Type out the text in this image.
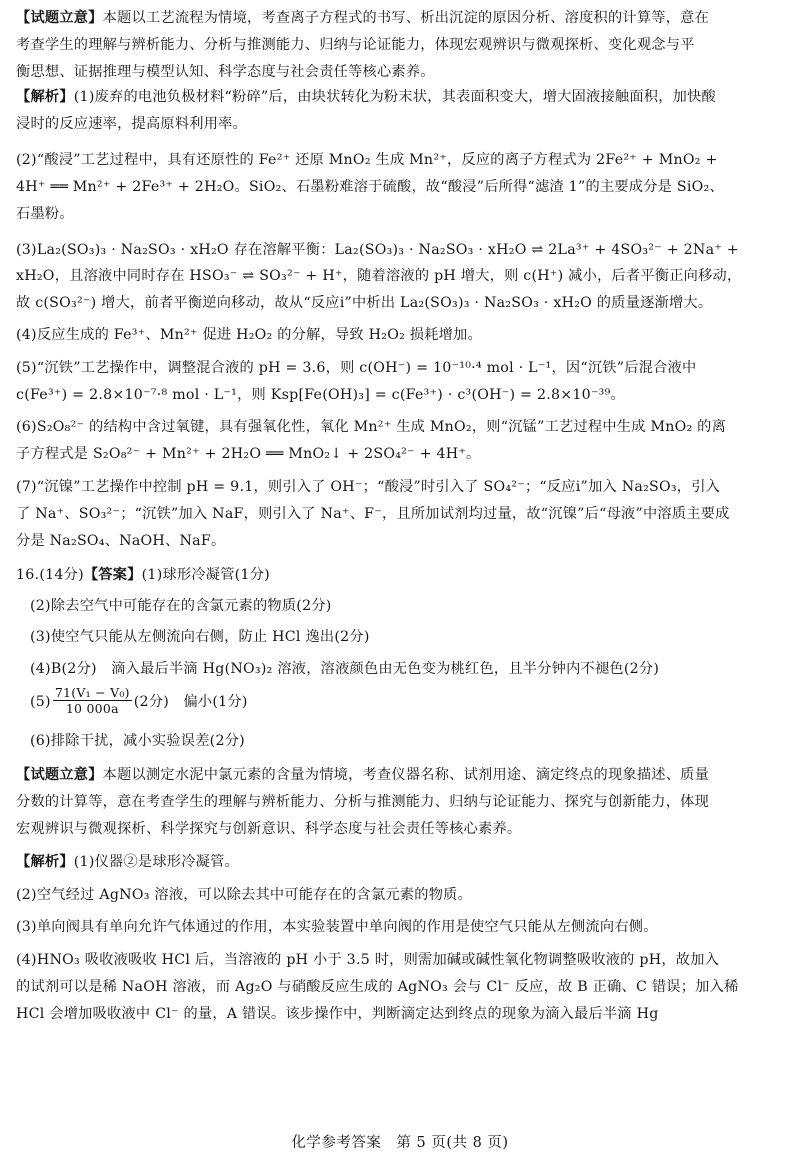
【试题立意】本题以工艺流程为情境，考查离子方程式的书写、析出沉淀的原因分析、溶度积的计算等，意在
考查学生的理解与辨析能力、分析与推测能力、归纳与论证能力，体现宏观辨识与微观探析、变化观念与平
衡思想、证据推理与模型认知、科学态度与社会责任等核心素养。
【解析】(1)废弃的电池负极材料“粉碎”后，由块状转化为粉末状，其表面积变大，增大固液接触面积，加快酸
浸时的反应速率，提高原料利用率。
(2)“酸浸”工艺过程中，具有还原性的 Fe²⁺ 还原 MnO₂ 生成 Mn²⁺，反应的离子方程式为 2Fe²⁺ + MnO₂ +
4H⁺ ══ Mn²⁺ + 2Fe³⁺ + 2H₂O。SiO₂、石墨粉难溶于硫酸，故“酸浸”后所得“滤渣 1”的主要成分是 SiO₂、
石墨粉。
(3)La₂(SO₃)₃ · Na₂SO₃ · xH₂O 存在溶解平衡：La₂(SO₃)₃ · Na₂SO₃ · xH₂O ⇌ 2La³⁺ + 4SO₃²⁻ + 2Na⁺ +
xH₂O，且溶液中同时存在 HSO₃⁻ ⇌ SO₃²⁻ + H⁺，随着溶液的 pH 增大，则 c(H⁺) 减小，后者平衡正向移动，
故 c(SO₃²⁻) 增大，前者平衡逆向移动，故从“反应ⅰ”中析出 La₂(SO₃)₃ · Na₂SO₃ · xH₂O 的质量逐渐增大。
(4)反应生成的 Fe³⁺、Mn²⁺ 促进 H₂O₂ 的分解，导致 H₂O₂ 损耗增加。
(5)“沉铁”工艺操作中，调整混合液的 pH = 3.6，则 c(OH⁻) = 10⁻¹⁰·⁴ mol · L⁻¹，因“沉铁”后混合液中
c(Fe³⁺) = 2.8×10⁻⁷·⁸ mol · L⁻¹，则 Ksp[Fe(OH)₃] = c(Fe³⁺) · c³(OH⁻) = 2.8×10⁻³⁹。
(6)S₂O₈²⁻ 的结构中含过氧键，具有强氧化性，氧化 Mn²⁺ 生成 MnO₂，则“沉锰”工艺过程中生成 MnO₂ 的离
子方程式是 S₂O₈²⁻ + Mn²⁺ + 2H₂O ══ MnO₂↓ + 2SO₄²⁻ + 4H⁺。
(7)“沉镍”工艺操作中控制 pH = 9.1，则引入了 OH⁻；“酸浸”时引入了 SO₄²⁻；“反应ⅰ”加入 Na₂SO₃，引入
了 Na⁺、SO₃²⁻；“沉铁”加入 NaF，则引入了 Na⁺、F⁻，且所加试剂均过量，故“沉镍”后“母液”中溶质主要成
分是 Na₂SO₄、NaOH、NaF。
16.(14分)【答案】(1)球形冷凝管(1分)
(2)除去空气中可能存在的含氯元素的物质(2分)
(3)使空气只能从左侧流向右侧，防止 HCl 逸出(2分)
(4)B(2分)　滴入最后半滴 Hg(NO₃)₂ 溶液，溶液颜色由无色变为桃红色，且半分钟内不褪色(2分)
$(5) \frac{\text{71(V₁ − V₀)}}{10 000a} (2$分)　偏小(1分)
(6)排除干扰，减小实验误差(2分)
【试题立意】本题以测定水泥中氯元素的含量为情境，考查仪器名称、试剂用途、滴定终点的现象描述、质量
分数的计算等，意在考查学生的理解与辨析能力、分析与推测能力、归纳与论证能力、探究与创新能力，体现
宏观辨识与微观探析、科学探究与创新意识、科学态度与社会责任等核心素养。
【解析】(1)仪器②是球形冷凝管。
(2)空气经过 AgNO₃ 溶液，可以除去其中可能存在的含氯元素的物质。
(3)单向阀具有单向允许气体通过的作用，本实验装置中单向阀的作用是使空气只能从左侧流向右侧。
(4)HNO₃ 吸收液吸收 HCl 后，当溶液的 pH 小于 3.5 时，则需加碱或碱性氧化物调整吸收液的 pH，故加入
的试剂可以是稀 NaOH 溶液，而 Ag₂O 与硝酸反应生成的 AgNO₃ 会与 Cl⁻ 反应，故 B 正确、C 错误；加入稀
HCl 会增加吸收液中 Cl⁻ 的量，A 错误。该步操作中，判断滴定达到终点的现象为滴入最后半滴 Hg
化学参考答案　第 5 页(共 8 页)
